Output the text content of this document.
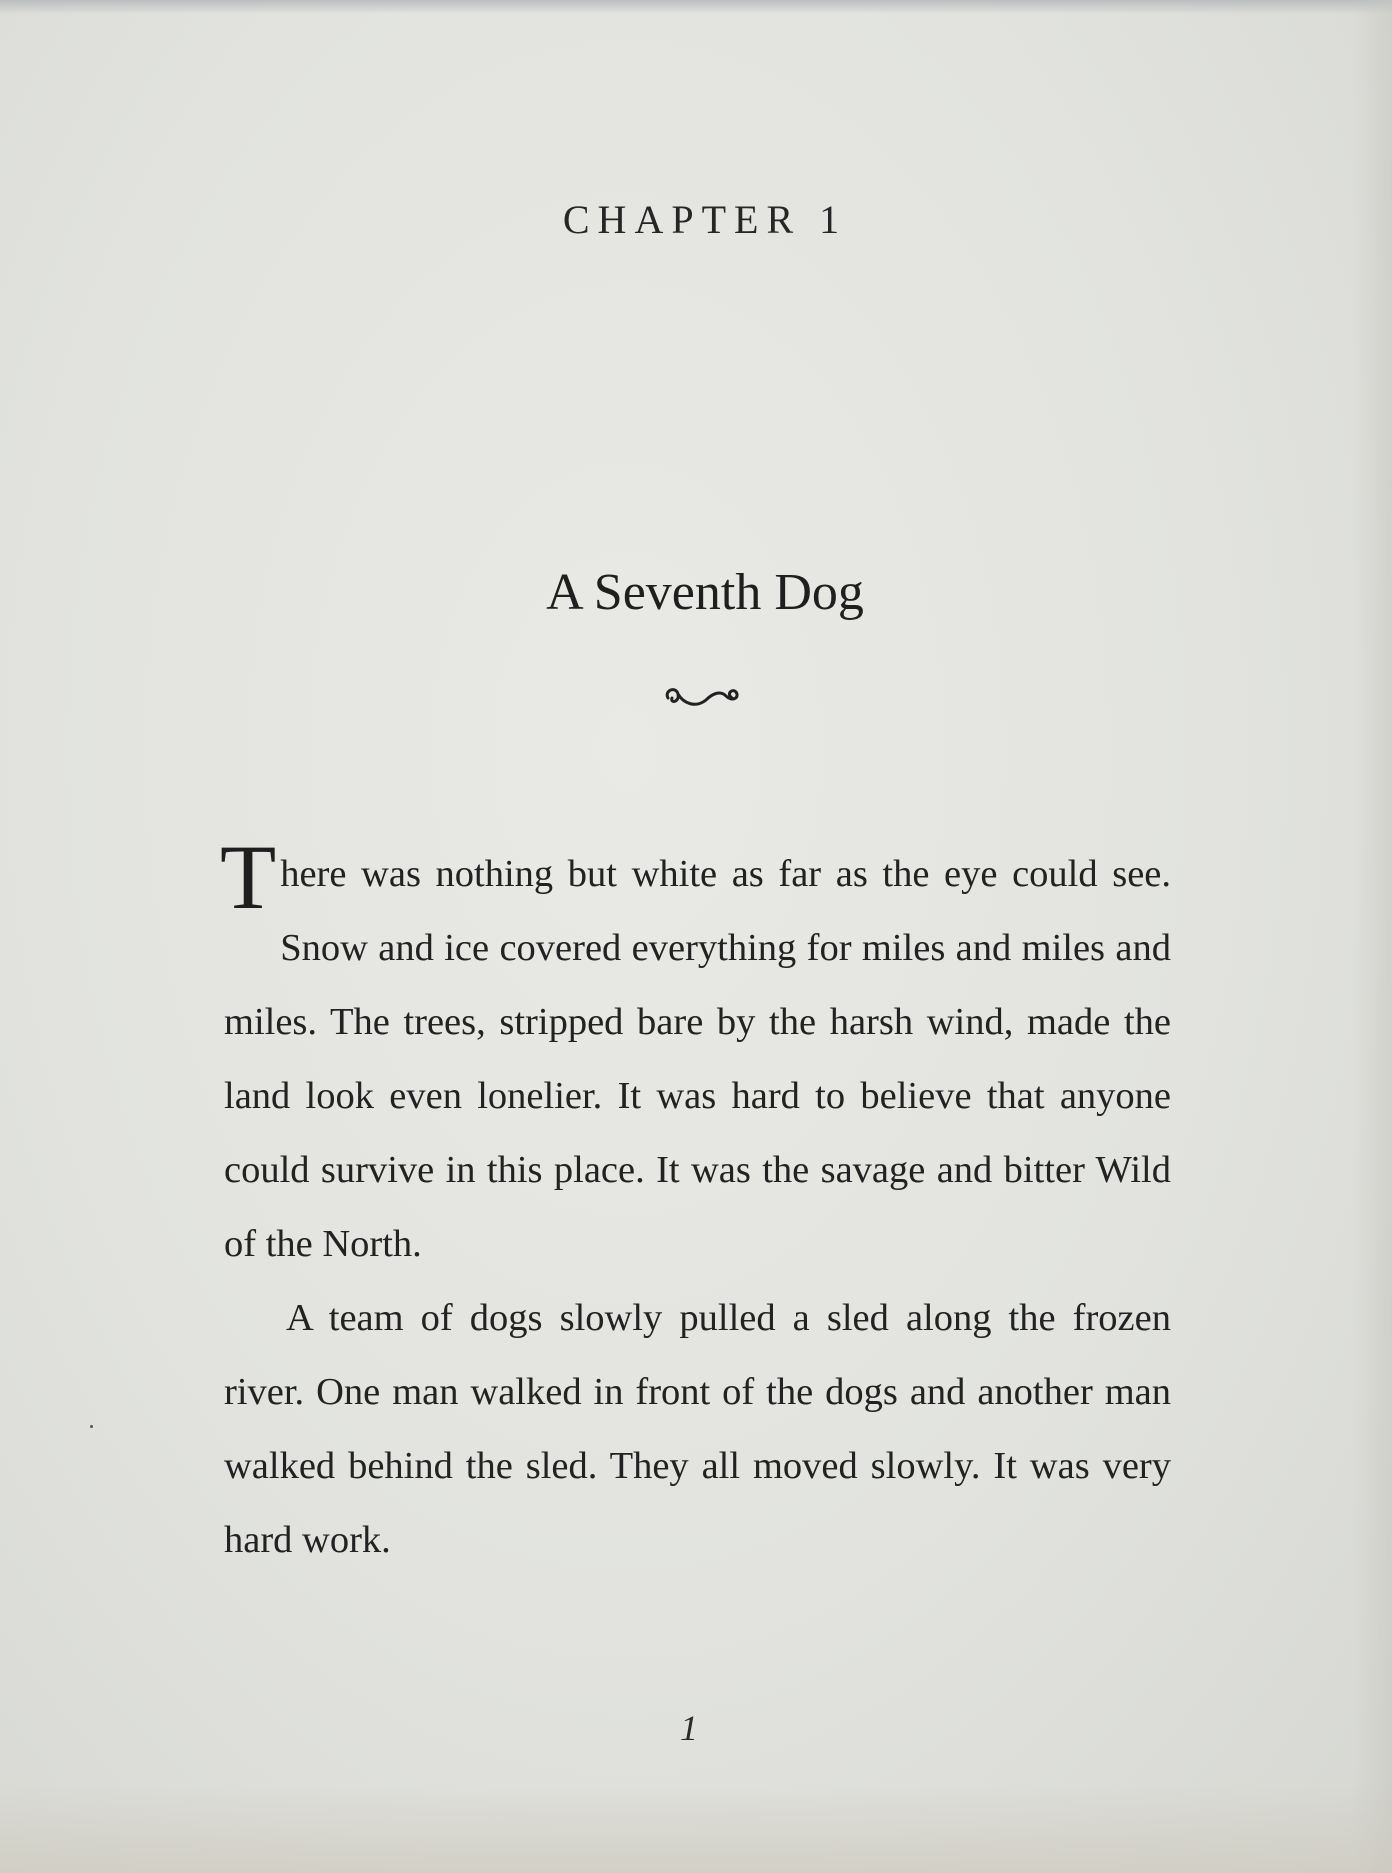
CHAPTER 1
A Seventh Dog

There was nothing but white as far as the eye could see. Snow and ice covered everything for miles and miles and miles. The trees, stripped bare by the harsh wind, made the land look even lonelier. It was hard to believe that anyone could survive in this place. It was the savage and bitter Wild of the North.

A team of dogs slowly pulled a sled along the frozen river. One man walked in front of the dogs and another man walked behind the sled. They all moved slowly. It was very hard work.

1
